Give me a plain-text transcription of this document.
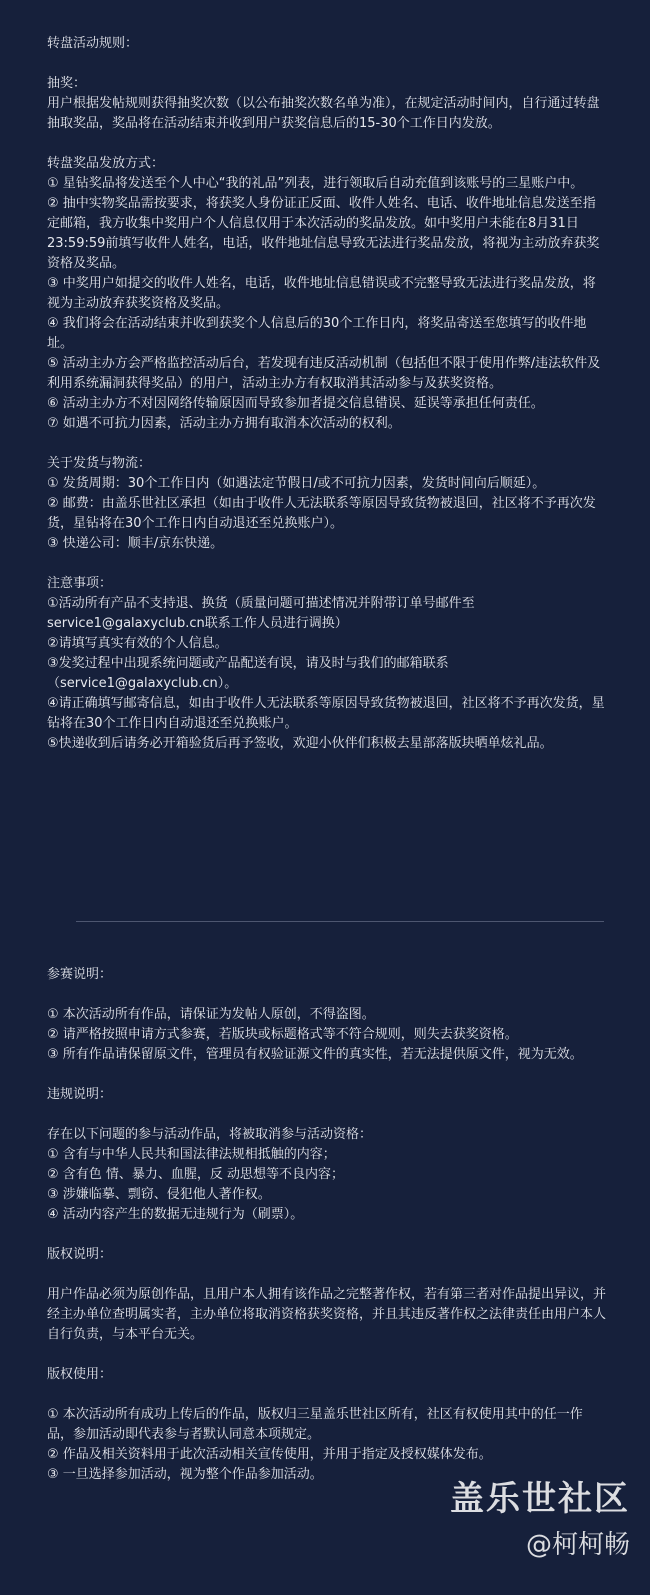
转盘活动规则：

抽奖：

用户根据发帖规则获得抽奖次数（以公布抽奖次数名单为准），在规定活动时间内，自行通过转盘抽取奖品，奖品将在活动结束并收到用户获奖信息后的15-30个工作日内发放。

转盘奖品发放方式：

① 星钻奖品将发送至个人中心“我的礼品”列表，进行领取后自动充值到该账号的三星账户中。
② 抽中实物奖品需按要求，将获奖人身份证正反面、收件人姓名、电话、收件地址信息发送至指定邮箱，我方收集中奖用户个人信息仅用于本次活动的奖品发放。如中奖用户未能在8月31日23:59:59前填写收件人姓名，电话，收件地址信息导致无法进行奖品发放，将视为主动放弃获奖资格及奖品。
③ 中奖用户如提交的收件人姓名，电话，收件地址信息错误或不完整导致无法进行奖品发放，将视为主动放弃获奖资格及奖品。
④ 我们将会在活动结束并收到获奖个人信息后的30个工作日内，将奖品寄送至您填写的收件地址。
⑤ 活动主办方会严格监控活动后台，若发现有违反活动机制（包括但不限于使用作弊/违法软件及利用系统漏洞获得奖品）的用户，活动主办方有权取消其活动参与及获奖资格。
⑥ 活动主办方不对因网络传输原因而导致参加者提交信息错误、延误等承担任何责任。
⑦ 如遇不可抗力因素，活动主办方拥有取消本次活动的权利。

关于发货与物流：

① 发货周期：30个工作日内（如遇法定节假日/或不可抗力因素，发货时间向后顺延）。
② 邮费：由盖乐世社区承担（如由于收件人无法联系等原因导致货物被退回，社区将不予再次发货，星钻将在30个工作日内自动退还至兑换账户）。
③ 快递公司：顺丰/京东快递。

注意事项：

①活动所有产品不支持退、换货（质量问题可描述情况并附带订单号邮件至service1@galaxyclub.cn联系工作人员进行调换）
②请填写真实有效的个人信息。
③发奖过程中出现系统问题或产品配送有误，请及时与我们的邮箱联系（service1@galaxyclub.cn）。
④请正确填写邮寄信息，如由于收件人无法联系等原因导致货物被退回，社区将不予再次发货，星钻将在30个工作日内自动退还至兑换账户。
⑤快递收到后请务必开箱验货后再予签收，欢迎小伙伴们积极去星部落版块晒单炫礼品。

参赛说明：

① 本次活动所有作品，请保证为发帖人原创，不得盗图。
② 请严格按照申请方式参赛，若版块或标题格式等不符合规则，则失去获奖资格。
③ 所有作品请保留原文件，管理员有权验证源文件的真实性，若无法提供原文件，视为无效。

违规说明：

存在以下问题的参与活动作品，将被取消参与活动资格：

① 含有与中华人民共和国法律法规相抵触的内容；
② 含有色 情、暴力、血腥，反 动思想等不良内容；
③ 涉嫌临摹、剽窃、侵犯他人著作权。
④ 活动内容产生的数据无违规行为（刷票）。

版权说明：

用户作品必须为原创作品，且用户本人拥有该作品之完整著作权，若有第三者对作品提出异议，并经主办单位查明属实者，主办单位将取消资格获奖资格，并且其违反著作权之法律责任由用户本人自行负责，与本平台无关。

版权使用：

① 本次活动所有成功上传后的作品，版权归三星盖乐世社区所有，社区有权使用其中的任一作品，参加活动即代表参与者默认同意本项规定。
② 作品及相关资料用于此次活动相关宣传使用，并用于指定及授权媒体发布。
③ 一旦选择参加活动，视为整个作品参加活动。
盖乐世社区
@柯柯畅
